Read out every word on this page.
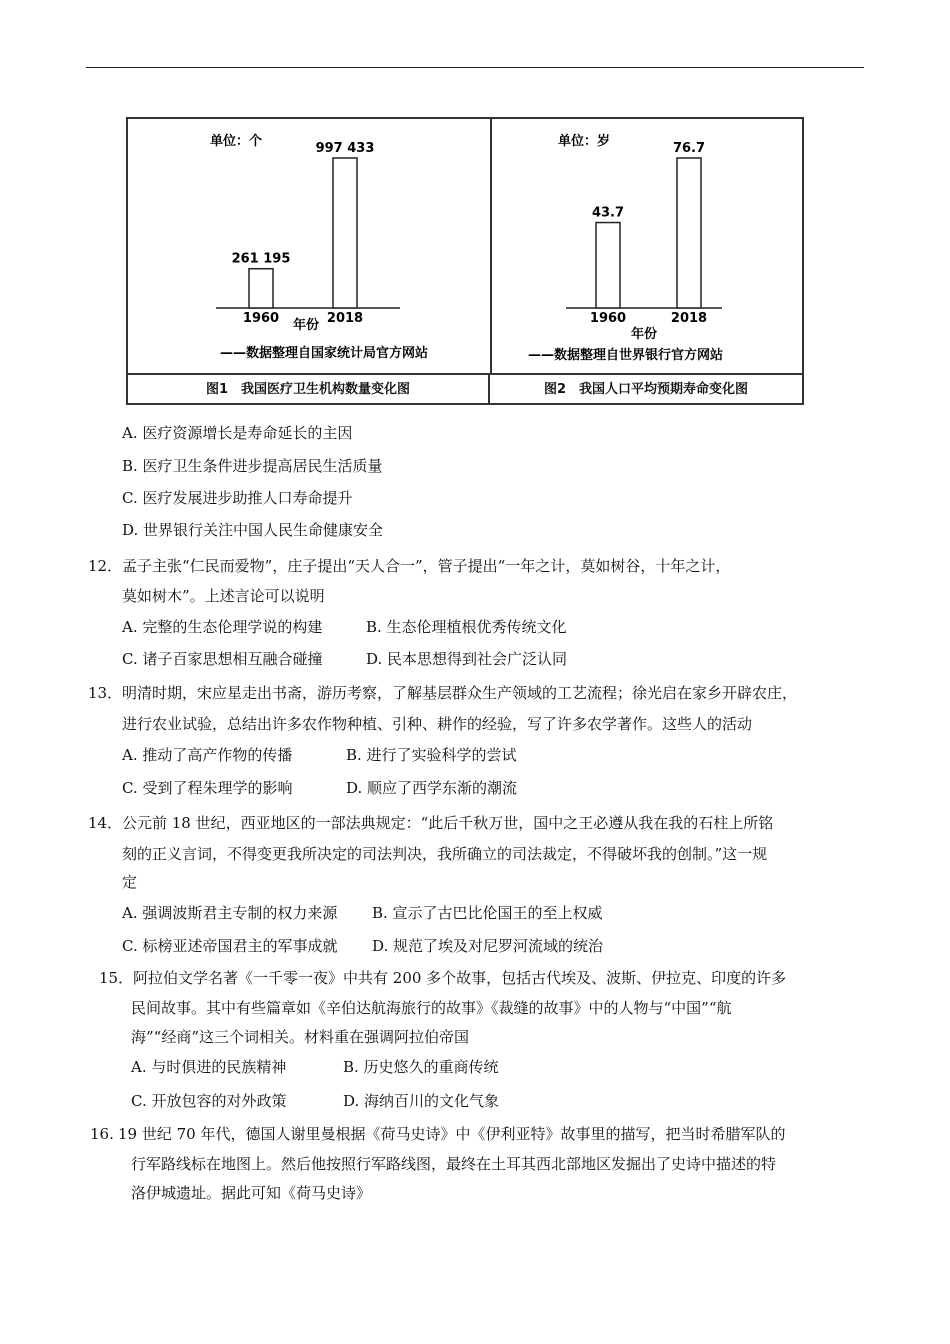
单位：个
年份
——数据整理自国家统计局官方网站
261 195
1960
997 433
2018
单位：岁
年份
——数据整理自世界银行官方网站
43.7
1960
76.7
2018
图1　我国医疗卫生机构数量变化图	图2　我国人口平均预期寿命变化图
A. 医疗资源增长是寿命延长的主因
B. 医疗卫生条件进步提高居民生活质量
C. 医疗发展进步助推人口寿命提升
D. 世界银行关注中国人民生命健康安全
12． 孟子主张“仁民而爱物”，庄子提出“天人合一”，管子提出“一年之计，莫如树谷，十年之计，
莫如树木”。上述言论可以说明
A. 完整的生态伦理学说的构建	B. 生态伦理植根优秀传统文化
C. 诸子百家思想相互融合碰撞	D. 民本思想得到社会广泛认同
13． 明清时期，宋应星走出书斋，游历考察，了解基层群众生产领域的工艺流程；徐光启在家乡开辟农庄，
进行农业试验，总结出许多农作物种植、引种、耕作的经验，写了许多农学著作。这些人的活动
A. 推动了高产作物的传播	B. 进行了实验科学的尝试
C. 受到了程朱理学的影响	D. 顺应了西学东渐的潮流
14． 公元前 18 世纪，西亚地区的一部法典规定：“此后千秋万世，国中之王必遵从我在我的石柱上所铭
刻的正义言词，不得变更我所决定的司法判决，我所确立的司法裁定，不得破坏我的创制。”这一规
定
A. 强调波斯君主专制的权力来源 B. 宣示了古巴比伦国王的至上权威
C. 标榜亚述帝国君主的军事成就 D. 规范了埃及对尼罗河流域的统治
15． 阿拉伯文学名著《一千零一夜》中共有 200 多个故事，包括古代埃及、波斯、伊拉克、印度的许多
民间故事。其中有些篇章如《辛伯达航海旅行的故事》《裁缝的故事》中的人物与“中国”“航
海”“经商”这三个词相关。材料重在强调阿拉伯帝国
A. 与时俱进的民族精神	B. 历史悠久的重商传统
C. 开放包容的对外政策	D. 海纳百川的文化气象
16. 19 世纪 70 年代，德国人谢里曼根据《荷马史诗》中《伊利亚特》故事里的描写，把当时希腊军队的
行军路线标在地图上。然后他按照行军路线图，最终在土耳其西北部地区发掘出了史诗中描述的特
洛伊城遗址。据此可知《荷马史诗》
